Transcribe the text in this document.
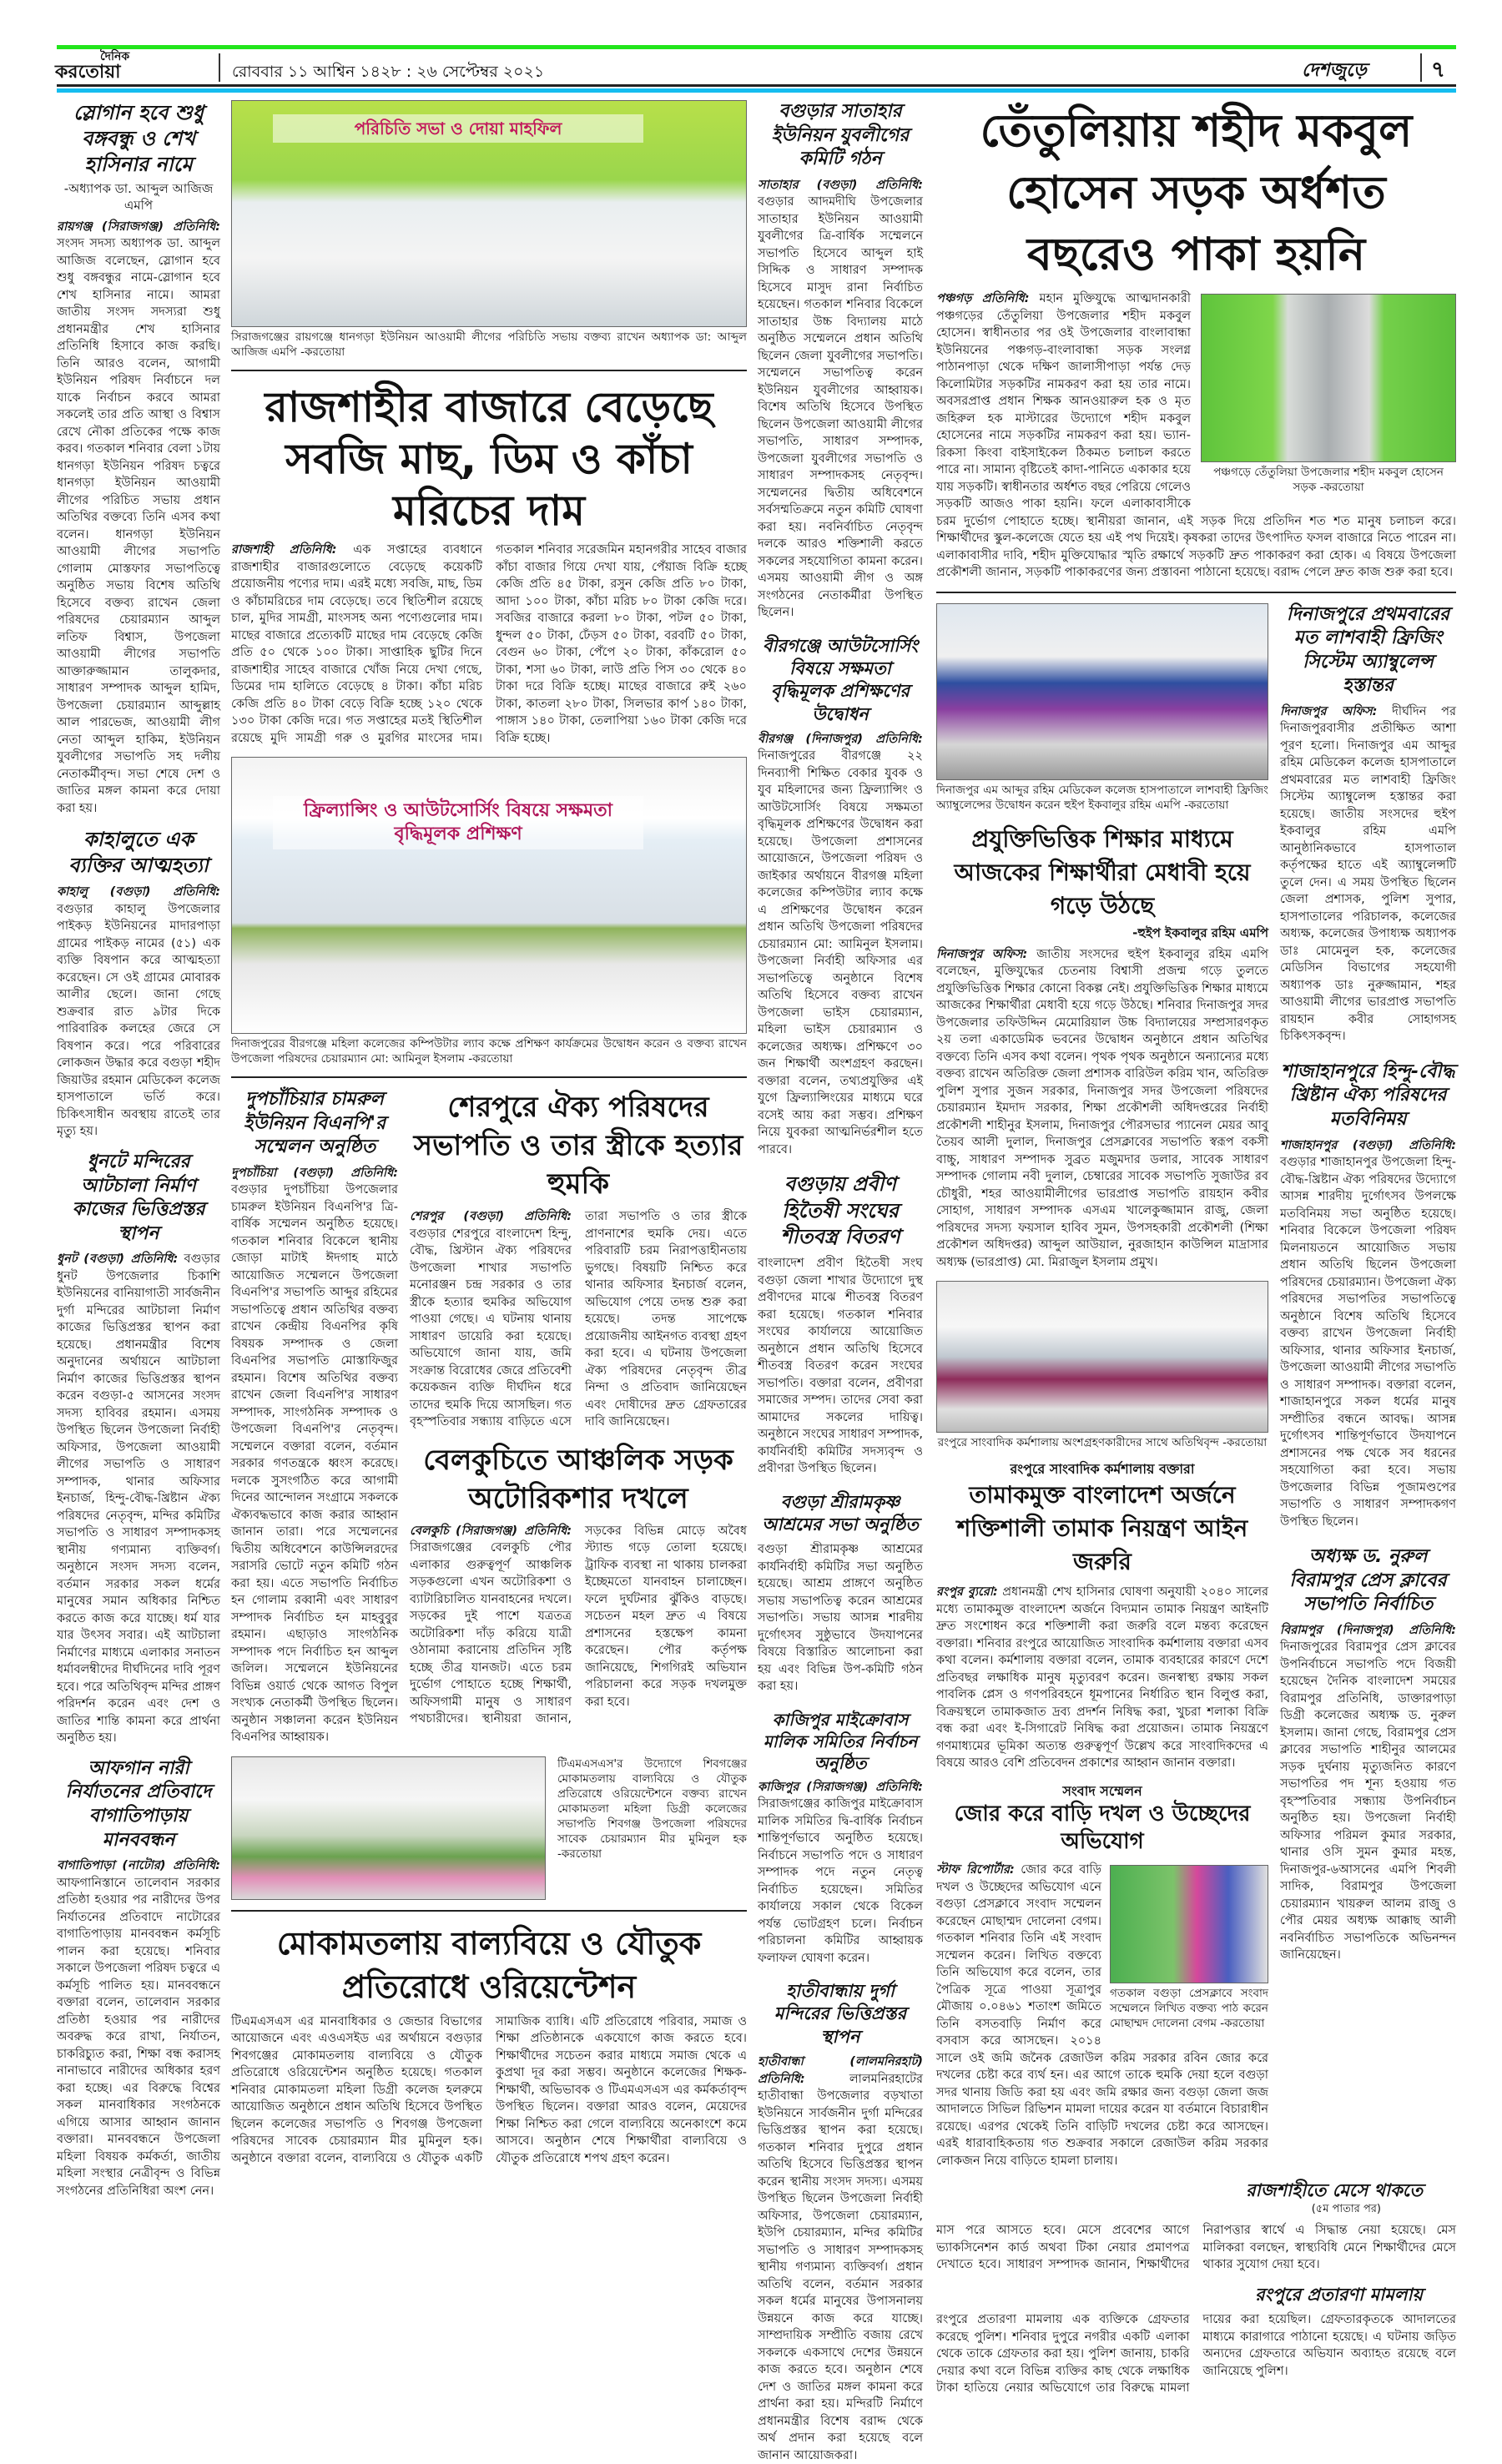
দৈনিক
করতোয়া	রোববার ১১ আশ্বিন ১৪২৮ : ২৬ সেপ্টেম্বর ২০২১	দেশজুড়ে	৭
স্লোগান হবে শুধু বঙ্গবন্ধু ও শেখ হাসিনার নামে
-অধ্যাপক ডা. আব্দুল আজিজ এমপি
রায়গঞ্জ (সিরাজগঞ্জ) প্রতিনিধি: সংসদ সদস্য অধ্যাপক ডা. আব্দুল আজিজ বলেছেন, স্লোগান হবে শুধু বঙ্গবন্ধুর নামে-স্লোগান হবে শেখ হাসিনার নামে। আমরা জাতীয় সংসদ সদস্যরা শুধু প্রধানমন্ত্রীর শেখ হাসিনার প্রতিনিধি হিসাবে কাজ করছি। তিনি আরও বলেন, আগামী ইউনিয়ন পরিষদ নির্বাচনে দল যাকে নির্বাচন করবে আমরা সকলেই তার প্রতি আস্থা ও বিশ্বাস রেখে নৌকা প্রতিকের পক্ষে কাজ করব। গতকাল শনিবার বেলা ১টায় ধানগড়া ইউনিয়ন পরিষদ চত্বরে ধানগড়া ইউনিয়ন আওয়ামী লীগের পরিচিত সভায় প্রধান অতিথির বক্তব্যে তিনি এসব কথা বলেন। ধানগড়া ইউনিয়ন আওয়ামী লীগের সভাপতি গোলাম মোস্তফার সভাপতিত্বে অনুষ্ঠিত সভায় বিশেষ অতিথি হিসেবে বক্তব্য রাখেন জেলা পরিষদের চেয়ারম্যান আব্দুল লতিফ বিশ্বাস, উপজেলা আওয়ামী লীগের সভাপতি আক্তারুজ্জামান তালুকদার, সাধারণ সম্পাদক আব্দুল হামিদ, উপজেলা চেয়ারম্যান আব্দুল্লাহ আল পারভেজ, আওয়ামী লীগ নেতা আব্দুল হাকিম, ইউনিয়ন যুবলীগের সভাপতি সহ দলীয় নেতাকর্মীবৃন্দ। সভা শেষে দেশ ও জাতির মঙ্গল কামনা করে দোয়া করা হয়।
কাহালুতে এক ব্যক্তির আত্মহত্যা
কাহালু (বগুড়া) প্রতিনিধি: বগুড়ার কাহালু উপজেলার পাইকড় ইউনিয়নের মাদারপাড়া গ্রামের পাইকড় নামের (৫১) এক ব্যক্তি বিষপান করে আত্মহত্যা করেছেন। সে ওই গ্রামের মোবারক আলীর ছেলে। জানা গেছে শুক্রবার রাত ৯টার দিকে পারিবারিক কলহের জেরে সে বিষপান করে। পরে পরিবারের লোকজন উদ্ধার করে বগুড়া শহীদ জিয়াউর রহমান মেডিকেল কলেজ হাসপাতালে ভর্তি করে। চিকিৎসাধীন অবস্থায় রাতেই তার মৃত্যু হয়।
ধুনটে মন্দিরের আটচালা নির্মাণ কাজের ভিত্তিপ্রস্তর স্থাপন
ধুনট (বগুড়া) প্রতিনিধি: বগুড়ার ধুনট উপজেলার চিকাশি ইউনিয়নের বানিয়াগাতী সার্বজনীন দুর্গা মন্দিরের আটচালা নির্মাণ কাজের ভিত্তিপ্রস্তর স্থাপন করা হয়েছে। প্রধানমন্ত্রীর বিশেষ অনুদানের অর্থায়নে আটচালা নির্মাণ কাজের ভিত্তিপ্রস্তর স্থাপন করেন বগুড়া-৫ আসনের সংসদ সদস্য হাবিবর রহমান। এসময় উপস্থিত ছিলেন উপজেলা নির্বাহী অফিসার, উপজেলা আওয়ামী লীগের সভাপতি ও সাধারণ সম্পাদক, থানার অফিসার ইনচার্জ, হিন্দু-বৌদ্ধ-খ্রিষ্টান ঐক্য পরিষদের নেতৃবৃন্দ, মন্দির কমিটির সভাপতি ও সাধারণ সম্পাদকসহ স্থানীয় গণ্যমান্য ব্যক্তিবর্গ। অনুষ্ঠানে সংসদ সদস্য বলেন, বর্তমান সরকার সকল ধর্মের মানুষের সমান অধিকার নিশ্চিত করতে কাজ করে যাচ্ছে। ধর্ম যার যার উৎসব সবার। এই আটচালা নির্মাণের মাধ্যমে এলাকার সনাতন ধর্মাবলম্বীদের দীর্ঘদিনের দাবি পূরণ হবে। পরে অতিথিবৃন্দ মন্দির প্রাঙ্গণ পরিদর্শন করেন এবং দেশ ও জাতির শান্তি কামনা করে প্রার্থনা অনুষ্ঠিত হয়।
আফগান নারী নির্যাতনের প্রতিবাদে বাগাতিপাড়ায় মানববন্ধন
বাগাতিপাড়া (নাটোর) প্রতিনিধি: আফগানিস্তানে তালেবান সরকার প্রতিষ্ঠা হওয়ার পর নারীদের উপর নির্যাতনের প্রতিবাদে নাটোরের বাগাতিপাড়ায় মানববন্ধন কর্মসূচি পালন করা হয়েছে। শনিবার সকালে উপজেলা পরিষদ চত্বরে এ কর্মসূচি পালিত হয়। মানববন্ধনে বক্তারা বলেন, তালেবান সরকার প্রতিষ্ঠা হওয়ার পর নারীদের অবরুদ্ধ করে রাখা, নির্যাতন, চাকরিচ্যুত করা, শিক্ষা বন্ধ করাসহ নানাভাবে নারীদের অধিকার হরণ করা হচ্ছে। এর বিরুদ্ধে বিশ্বের সকল মানবাধিকার সংগঠনকে এগিয়ে আসার আহ্বান জানান বক্তারা। মানববন্ধনে উপজেলা মহিলা বিষয়ক কর্মকর্তা, জাতীয় মহিলা সংস্থার নেত্রীবৃন্দ ও বিভিন্ন সংগঠনের প্রতিনিধিরা অংশ নেন।
পরিচিতি সভা ও দোয়া মাহফিল
সিরাজগঞ্জের রায়গঞ্জে ধানগড়া ইউনিয়ন আওয়ামী লীগের পরিচিতি সভায় বক্তব্য রাখেন অধ্যাপক ডা: আব্দুল আজিজ এমপি -করতোয়া
রাজশাহীর বাজারে বেড়েছে সবজি মাছ, ডিম ও কাঁচা মরিচের দাম
রাজশাহী প্রতিনিধি: এক সপ্তাহের ব্যবধানে রাজশাহীর বাজারগুলোতে বেড়েছে কয়েকটি প্রয়োজনীয় পণ্যের দাম। এরই মধ্যে সবজি, মাছ, ডিম ও কাঁচামরিচের দাম বেড়েছে। তবে স্থিতিশীল রয়েছে চাল, মুদির সামগ্রী, মাংসসহ অন্য পণ্যেগুলোর দাম। মাছের বাজারে প্রত্যেকটি মাছের দাম বেড়েছে কেজি প্রতি ৫০ থেকে ১০০ টাকা। সাপ্তাহিক ছুটির দিনে রাজশাহীর সাহেব বাজারে খোঁজ নিয়ে দেখা গেছে, ডিমের দাম হালিতে বেড়েছে ৪ টাকা। কাঁচা মরিচ কেজি প্রতি ৪০ টাকা বেড়ে বিক্রি হচ্ছে ১২০ থেকে ১৩০ টাকা কেজি দরে। গত সপ্তাহের মতই স্থিতিশীল রয়েছে মুদি সামগ্রী গরু ও মুরগির মাংসের দাম। গতকাল শনিবার সরেজমিন মহানগরীর সাহেব বাজার কাঁচা বাজার গিয়ে দেখা যায়, পেঁয়াজ বিক্রি হচ্ছে কেজি প্রতি ৪৫ টাকা, রসুন কেজি প্রতি ৮০ টাকা, আদা ১০০ টাকা, কাঁচা মরিচ ৮০ টাকা কেজি দরে। সবজির বাজারে করলা ৮০ টাকা, পটল ৫০ টাকা, ধুন্দল ৫০ টাকা, ঢেঁড়স ৫০ টাকা, বরবটি ৫০ টাকা, বেগুন ৬০ টাকা, পেঁপে ২০ টাকা, কাঁকরোল ৫০ টাকা, শসা ৬০ টাকা, লাউ প্রতি পিস ৩০ থেকে ৪০ টাকা দরে বিক্রি হচ্ছে। মাছের বাজারে রুই ২৬০ টাকা, কাতলা ২৮০ টাকা, সিলভার কার্প ১৪০ টাকা, পাঙ্গাস ১৪০ টাকা, তেলাপিয়া ১৬০ টাকা কেজি দরে বিক্রি হচ্ছে।
ফ্রিল্যান্সিং ও আউটসোর্সিং বিষয়ে সক্ষমতা বৃদ্ধিমূলক প্রশিক্ষণ
দিনাজপুরের বীরগঞ্জে মহিলা কলেজের কম্পিউটার ল্যাব কক্ষে প্রশিক্ষণ কার্যক্রমের উদ্বোধন করেন ও বক্তব্য রাখেন উপজেলা পরিষদের চেয়ারম্যান মো: আমিনুল ইসলাম -করতোয়া
দুপচাঁচিয়ার চামরুল ইউনিয়ন বিএনপি'র সম্মেলন অনুষ্ঠিত
দুপচাঁচিয়া (বগুড়া) প্রতিনিধি: বগুড়ার দুপচাঁচিয়া উপজেলার চামরুল ইউনিয়ন বিএনপি'র ত্রি-বার্ষিক সম্মেলন অনুষ্ঠিত হয়েছে। গতকাল শনিবার বিকেলে স্থানীয় জোড়া মাটাই ঈদগাহ মাঠে আয়োজিত সম্মেলনে উপজেলা বিএনপি'র সভাপতি আব্দুর রহিমের সভাপতিত্বে প্রধান অতিথির বক্তব্য রাখেন কেন্দ্রীয় বিএনপির কৃষি বিষয়ক সম্পাদক ও জেলা বিএনপির সভাপতি মোস্তাফিজুর রহমান। বিশেষ অতিথির বক্তব্য রাখেন জেলা বিএনপি'র সাধারণ সম্পাদক, সাংগঠনিক সম্পাদক ও উপজেলা বিএনপি'র নেতৃবৃন্দ। সম্মেলনে বক্তারা বলেন, বর্তমান সরকার গণতন্ত্রকে ধ্বংস করেছে। দলকে সুসংগঠিত করে আগামী দিনের আন্দোলন সংগ্রামে সকলকে ঐক্যবদ্ধভাবে কাজ করার আহ্বান জানান তারা। পরে সম্মেলনের দ্বিতীয় অধিবেশনে কাউন্সিলরদের সরাসরি ভোটে নতুন কমিটি গঠন করা হয়। এতে সভাপতি নির্বাচিত হন গোলাম রব্বানী এবং সাধারণ সম্পাদক নির্বাচিত হন মাহবুবুর রহমান। এছাড়াও সাংগঠনিক সম্পাদক পদে নির্বাচিত হন আব্দুল জলিল। সম্মেলনে ইউনিয়নের বিভিন্ন ওয়ার্ড থেকে আগত বিপুল সংখ্যক নেতাকর্মী উপস্থিত ছিলেন। অনুষ্ঠান সঞ্চালনা করেন ইউনিয়ন বিএনপির আহ্বায়ক।
শেরপুরে ঐক্য পরিষদের সভাপতি ও তার স্ত্রীকে হত্যার হুমকি
শেরপুর (বগুড়া) প্রতিনিধি: বগুড়ার শেরপুরে বাংলাদেশ হিন্দু, বৌদ্ধ, খ্রিস্টান ঐক্য পরিষদের উপজেলা শাখার সভাপতি মনোরঞ্জন চন্দ্র সরকার ও তার স্ত্রীকে হত্যার হুমকির অভিযোগ পাওয়া গেছে। এ ঘটনায় থানায় সাধারণ ডায়েরি করা হয়েছে। অভিযোগে জানা যায়, জমি সংক্রান্ত বিরোধের জেরে প্রতিবেশী কয়েকজন ব্যক্তি দীর্ঘদিন ধরে তাদের হুমকি দিয়ে আসছিল। গত বৃহস্পতিবার সন্ধ্যায় বাড়িতে এসে তারা সভাপতি ও তার স্ত্রীকে প্রাণনাশের হুমকি দেয়। এতে পরিবারটি চরম নিরাপত্তাহীনতায় ভুগছে। বিষয়টি নিশ্চিত করে থানার অফিসার ইনচার্জ বলেন, অভিযোগ পেয়ে তদন্ত শুরু করা হয়েছে। তদন্ত সাপেক্ষে প্রয়োজনীয় আইনগত ব্যবস্থা গ্রহণ করা হবে। এ ঘটনায় উপজেলা ঐক্য পরিষদের নেতৃবৃন্দ তীব্র নিন্দা ও প্রতিবাদ জানিয়েছেন এবং দোষীদের দ্রুত গ্রেফতারের দাবি জানিয়েছেন।
বেলকুচিতে আঞ্চলিক সড়ক অটোরিকশার দখলে
বেলকুচি (সিরাজগঞ্জ) প্রতিনিধি: সিরাজগঞ্জের বেলকুচি পৌর এলাকার গুরুত্বপূর্ণ আঞ্চলিক সড়কগুলো এখন অটোরিকশা ও ব্যাটারিচালিত যানবাহনের দখলে। সড়কের দুই পাশে যত্রতত্র অটোরিকশা দাঁড় করিয়ে যাত্রী ওঠানামা করানোয় প্রতিদিন সৃষ্টি হচ্ছে তীব্র যানজট। এতে চরম দুর্ভোগ পোহাতে হচ্ছে শিক্ষার্থী, অফিসগামী মানুষ ও সাধারণ পথচারীদের। স্থানীয়রা জানান, সড়কের বিভিন্ন মোড়ে অবৈধ স্ট্যান্ড গড়ে তোলা হয়েছে। ট্রাফিক ব্যবস্থা না থাকায় চালকরা ইচ্ছেমতো যানবাহন চালাচ্ছেন। ফলে দুর্ঘটনার ঝুঁকিও বাড়ছে। সচেতন মহল দ্রুত এ বিষয়ে প্রশাসনের হস্তক্ষেপ কামনা করেছেন। পৌর কর্তৃপক্ষ জানিয়েছে, শিগগিরই অভিযান পরিচালনা করে সড়ক দখলমুক্ত করা হবে।
টিএমএসএস'র উদ্যোগে শিবগঞ্জের মোকামতলায় বাল্যবিয়ে ও যৌতুক প্রতিরোধে ওরিয়েন্টেশনে বক্তব্য রাখেন মোকামতলা মহিলা ডিগ্রী কলেজের সভাপতি শিবগঞ্জ উপজেলা পরিষদের সাবেক চেয়ারম্যান মীর মুমিনুল হক -করতোয়া
মোকামতলায় বাল্যবিয়ে ও যৌতুক প্রতিরোধে ওরিয়েন্টেশন
টিএমএসএস এর মানবাধিকার ও জেন্ডার বিভাগের আয়োজনে এবং এওএসইড এর অর্থায়নে বগুড়ার শিবগঞ্জের মোকামতলায় বাল্যবিয়ে ও যৌতুক প্রতিরোধে ওরিয়েন্টেশন অনুষ্ঠিত হয়েছে। গতকাল শনিবার মোকামতলা মহিলা ডিগ্রী কলেজ হলরুমে আয়োজিত অনুষ্ঠানে প্রধান অতিথি হিসেবে উপস্থিত ছিলেন কলেজের সভাপতি ও শিবগঞ্জ উপজেলা পরিষদের সাবেক চেয়ারম্যান মীর মুমিনুল হক। অনুষ্ঠানে বক্তারা বলেন, বাল্যবিয়ে ও যৌতুক একটি সামাজিক ব্যাধি। এটি প্রতিরোধে পরিবার, সমাজ ও শিক্ষা প্রতিষ্ঠানকে একযোগে কাজ করতে হবে। শিক্ষার্থীদের সচেতন করার মাধ্যমে সমাজ থেকে এ কুপ্রথা দূর করা সম্ভব। অনুষ্ঠানে কলেজের শিক্ষক-শিক্ষার্থী, অভিভাবক ও টিএমএসএস এর কর্মকর্তাবৃন্দ উপস্থিত ছিলেন। বক্তারা আরও বলেন, মেয়েদের শিক্ষা নিশ্চিত করা গেলে বাল্যবিয়ে অনেকাংশে কমে আসবে। অনুষ্ঠান শেষে শিক্ষার্থীরা বাল্যবিয়ে ও যৌতুক প্রতিরোধে শপথ গ্রহণ করেন।
বগুড়ার সাতাহার ইউনিয়ন যুবলীগের কমিটি গঠন
সাতাহার (বগুড়া) প্রতিনিধি: বগুড়ার আদমদীঘি উপজেলার সাতাহার ইউনিয়ন আওয়ামী যুবলীগের ত্রি-বার্ষিক সম্মেলনে সভাপতি হিসেবে আব্দুল হাই সিদ্দিক ও সাধারণ সম্পাদক হিসেবে মাসুদ রানা নির্বাচিত হয়েছেন। গতকাল শনিবার বিকেলে সাতাহার উচ্চ বিদ্যালয় মাঠে অনুষ্ঠিত সম্মেলনে প্রধান অতিথি ছিলেন জেলা যুবলীগের সভাপতি। সম্মেলনে সভাপতিত্ব করেন ইউনিয়ন যুবলীগের আহ্বায়ক। বিশেষ অতিথি হিসেবে উপস্থিত ছিলেন উপজেলা আওয়ামী লীগের সভাপতি, সাধারণ সম্পাদক, উপজেলা যুবলীগের সভাপতি ও সাধারণ সম্পাদকসহ নেতৃবৃন্দ। সম্মেলনের দ্বিতীয় অধিবেশনে সর্বসম্মতিক্রমে নতুন কমিটি ঘোষণা করা হয়। নবনির্বাচিত নেতৃবৃন্দ দলকে আরও শক্তিশালী করতে সকলের সহযোগিতা কামনা করেন। এসময় আওয়ামী লীগ ও অঙ্গ সংগঠনের নেতাকর্মীরা উপস্থিত ছিলেন।
বীরগঞ্জে আউটসোর্সিং বিষয়ে সক্ষমতা বৃদ্ধিমূলক প্রশিক্ষণের উদ্বোধন
বীরগঞ্জ (দিনাজপুর) প্রতিনিধি: দিনাজপুরের বীরগঞ্জে ২২ দিনব্যাপী শিক্ষিত বেকার যুবক ও যুব মহিলাদের জন্য ফ্রিল্যান্সিং ও আউটসোর্সিং বিষয়ে সক্ষমতা বৃদ্ধিমূলক প্রশিক্ষণের উদ্বোধন করা হয়েছে। উপজেলা প্রশাসনের আয়োজনে, উপজেলা পরিষদ ও জাইকার অর্থায়নে বীরগঞ্জ মহিলা কলেজের কম্পিউটার ল্যাব কক্ষে এ প্রশিক্ষণের উদ্বোধন করেন প্রধান অতিথি উপজেলা পরিষদের চেয়ারম্যান মো: আমিনুল ইসলাম। উপজেলা নির্বাহী অফিসার এর সভাপতিত্বে অনুষ্ঠানে বিশেষ অতিথি হিসেবে বক্তব্য রাখেন উপজেলা ভাইস চেয়ারম্যান, মহিলা ভাইস চেয়ারম্যান ও কলেজের অধ্যক্ষ। প্রশিক্ষণে ৩০ জন শিক্ষার্থী অংশগ্রহণ করছেন। বক্তারা বলেন, তথ্যপ্রযুক্তির এই যুগে ফ্রিল্যান্সিংয়ের মাধ্যমে ঘরে বসেই আয় করা সম্ভব। প্রশিক্ষণ নিয়ে যুবকরা আত্মনির্ভরশীল হতে পারবে।
বগুড়ায় প্রবীণ হিতৈষী সংঘের শীতবস্ত্র বিতরণ
বাংলাদেশ প্রবীণ হিতৈষী সংঘ বগুড়া জেলা শাখার উদ্যোগে দুস্থ প্রবীণদের মাঝে শীতবস্ত্র বিতরণ করা হয়েছে। গতকাল শনিবার সংঘের কার্যালয়ে আয়োজিত অনুষ্ঠানে প্রধান অতিথি হিসেবে শীতবস্ত্র বিতরণ করেন সংঘের সভাপতি। বক্তারা বলেন, প্রবীণরা সমাজের সম্পদ। তাদের সেবা করা আমাদের সকলের দায়িত্ব। অনুষ্ঠানে সংঘের সাধারণ সম্পাদক, কার্যনির্বাহী কমিটির সদস্যবৃন্দ ও প্রবীণরা উপস্থিত ছিলেন।
বগুড়া শ্রীরামকৃষ্ণ আশ্রমের সভা অনুষ্ঠিত
বগুড়া শ্রীরামকৃষ্ণ আশ্রমের কার্যনির্বাহী কমিটির সভা অনুষ্ঠিত হয়েছে। আশ্রম প্রাঙ্গণে অনুষ্ঠিত সভায় সভাপতিত্ব করেন আশ্রমের সভাপতি। সভায় আসন্ন শারদীয় দুর্গোৎসব সুষ্ঠুভাবে উদযাপনের বিষয়ে বিস্তারিত আলোচনা করা হয় এবং বিভিন্ন উপ-কমিটি গঠন করা হয়।
কাজিপুর মাইক্রোবাস মালিক সমিতির নির্বাচন অনুষ্ঠিত
কাজিপুর (সিরাজগঞ্জ) প্রতিনিধি: সিরাজগঞ্জের কাজিপুর মাইক্রোবাস মালিক সমিতির দ্বি-বার্ষিক নির্বাচন শান্তিপূর্ণভাবে অনুষ্ঠিত হয়েছে। নির্বাচনে সভাপতি পদে ও সাধারণ সম্পাদক পদে নতুন নেতৃত্ব নির্বাচিত হয়েছেন। সমিতির কার্যালয়ে সকাল থেকে বিকেল পর্যন্ত ভোটগ্রহণ চলে। নির্বাচন পরিচালনা কমিটির আহ্বায়ক ফলাফল ঘোষণা করেন।
হাতীবান্ধায় দুর্গা মন্দিরের ভিত্তিপ্রস্তর স্থাপন
হাতীবান্ধা (লালমনিরহাট) প্রতিনিধি:	লালমনিরহাটের হাতীবান্ধা উপজেলার বড়খাতা ইউনিয়নে সার্বজনীন দুর্গা মন্দিরের ভিত্তিপ্রস্তর স্থাপন করা হয়েছে। গতকাল শনিবার দুপুরে প্রধান অতিথি হিসেবে ভিত্তিপ্রস্তর স্থাপন করেন স্থানীয় সংসদ সদস্য। এসময় উপস্থিত ছিলেন উপজেলা নির্বাহী অফিসার, উপজেলা চেয়ারম্যান, ইউপি চেয়ারম্যান, মন্দির কমিটির সভাপতি ও সাধারণ সম্পাদকসহ স্থানীয় গণ্যমান্য ব্যক্তিবর্গ। প্রধান অতিথি বলেন, বর্তমান সরকার সকল ধর্মের মানুষের উপাসনালয় উন্নয়নে কাজ করে যাচ্ছে। সাম্প্রদায়িক সম্প্রীতি বজায় রেখে সকলকে একসাথে দেশের উন্নয়নে কাজ করতে হবে। অনুষ্ঠান শেষে দেশ ও জাতির মঙ্গল কামনা করে প্রার্থনা করা হয়। মন্দিরটি নির্মাণে প্রধানমন্ত্রীর বিশেষ বরাদ্দ থেকে অর্থ প্রদান করা হয়েছে বলে জানান আয়োজকরা।
তেঁতুলিয়ায় শহীদ মকবুল হোসেন সড়ক অর্ধশত বছরেও পাকা হয়নি
পঞ্চগড়ে তেঁতুলিয়া উপজেলার শহীদ মকবুল হোসেন সড়ক -করতোয়া
পঞ্চগড় প্রতিনিধি: মহান মুক্তিযুদ্ধে আত্মদানকারী পঞ্চগড়ের তেঁতুলিয়া উপজেলার শহীদ মকবুল হোসেন। স্বাধীনতার পর ওই উপজেলার বাংলাবান্ধা ইউনিয়নের পঞ্চগড়-বাংলাবান্ধা সড়ক সংলগ্ন পাঠানপাড়া থেকে দক্ষিণ জালাসীপাড়া পর্যন্ত দেড় কিলোমিটার সড়কটির নামকরণ করা হয় তার নামে। অবসরপ্রাপ্ত প্রধান শিক্ষক আনওয়ারুল হক ও মৃত জহিরুল হক মাস্টারের উদ্যোগে শহীদ মকবুল হোসেনের নামে সড়কটির নামকরণ করা হয়। ভ্যান-রিকসা কিংবা বাইসাইকেল ঠিকমত চলাচল করতে পারে না। সামান্য বৃষ্টিতেই কাদা-পানিতে একাকার হয়ে যায় সড়কটি। স্বাধীনতার অর্ধশত বছর পেরিয়ে গেলেও সড়কটি আজও পাকা হয়নি। ফলে এলাকাবাসীকে চরম দুর্ভোগ পোহাতে হচ্ছে। স্থানীয়রা জানান, এই সড়ক দিয়ে প্রতিদিন শত শত মানুষ চলাচল করে। শিক্ষার্থীদের স্কুল-কলেজে যেতে হয় এই পথ দিয়েই। কৃষকরা তাদের উৎপাদিত ফসল বাজারে নিতে পারেন না। এলাকাবাসীর দাবি, শহীদ মুক্তিযোদ্ধার স্মৃতি রক্ষার্থে সড়কটি দ্রুত পাকাকরণ করা হোক। এ বিষয়ে উপজেলা প্রকৌশলী জানান, সড়কটি পাকাকরণের জন্য প্রস্তাবনা পাঠানো হয়েছে। বরাদ্দ পেলে দ্রুত কাজ শুরু করা হবে।
দিনাজপুর এম আব্দুর রহিম মেডিকেল কলেজ হাসপাতালে লাশবাহী ফ্রিজিং অ্যাম্বুলেন্সের উদ্বোধন করেন হুইপ ইকবালুর রহিম এমপি -করতোয়া
প্রযুক্তিভিত্তিক শিক্ষার মাধ্যমে আজকের শিক্ষার্থীরা মেধাবী হয়ে গড়ে উঠছে
-হুইপ ইকবালুর রহিম এমপি
দিনাজপুর অফিস: জাতীয় সংসদের হুইপ ইকবালুর রহিম এমপি বলেছেন, মুক্তিযুদ্ধের চেতনায় বিশ্বাসী প্রজন্ম গড়ে তুলতে প্রযুক্তিভিত্তিক শিক্ষার কোনো বিকল্প নেই। প্রযুক্তিভিত্তিক শিক্ষার মাধ্যমে আজকের শিক্ষার্থীরা মেধাবী হয়ে গড়ে উঠছে। শনিবার দিনাজপুর সদর উপজেলার তফিউদ্দিন মেমোরিয়াল উচ্চ বিদ্যালয়ের সম্প্রসারণকৃত ২য় তলা একাডেমিক ভবনের উদ্বোধন অনুষ্ঠানে প্রধান অতিথির বক্তব্যে তিনি এসব কথা বলেন। পৃথক পৃথক অনুষ্ঠানে অন্যান্যের মধ্যে বক্তব্য রাখেন অতিরিক্ত জেলা প্রশাসক বারিউল করিম খান, অতিরিক্ত পুলিশ সুপার সুজন সরকার, দিনাজপুর সদর উপজেলা পরিষদের চেয়ারম্যান ইমদাদ সরকার, শিক্ষা প্রকৌশলী অধিদপ্তরের নির্বাহী প্রকৌশলী শাহীনুর ইসলাম, দিনাজপুর পৌরসভার প্যানেল মেয়র আবু তৈয়ব আলী দুলাল, দিনাজপুর প্রেসক্লাবের সভাপতি স্বরূপ বকসী বাচ্চু, সাধারণ সম্পাদক সুব্রত মজুমদার ডলার, সাবেক সাধারণ সম্পাদক গোলাম নবী দুলাল, চেম্বারের সাবেক সভাপতি সুজাউর রব চৌধুরী, শহর আওয়ামীলীগের ভারপ্রাপ্ত সভাপতি রায়হান কবীর সোহাগ, সাধারণ সম্পাদক এসএম খালেকুজ্জামান রাজু, জেলা পরিষদের সদস্য ফয়সাল হাবিব সুমন, উপসহকারী প্রকৌশলী (শিক্ষা প্রকৌশল অধিদপ্তর) আব্দুল আউয়াল, নুরজাহান কাউন্সিল মাদ্রাসার অধ্যক্ষ (ভারপ্রাপ্ত) মো. মিরাজুল ইসলাম প্রমুখ।
রংপুরে সাংবাদিক কর্মশালায় অংশগ্রহণকারীদের সাথে অতিথিবৃন্দ -করতোয়া
রংপুরে সাংবাদিক কর্মশালায় বক্তারা
তামাকমুক্ত বাংলাদেশ অর্জনে শক্তিশালী তামাক নিয়ন্ত্রণ আইন জরুরি
রংপুর ব্যুরো: প্রধানমন্ত্রী শেখ হাসিনার ঘোষণা অনুযায়ী ২০৪০ সালের মধ্যে তামাকমুক্ত বাংলাদেশ অর্জনে বিদ্যমান তামাক নিয়ন্ত্রণ আইনটি দ্রুত সংশোধন করে শক্তিশালী করা জরুরি বলে মন্তব্য করেছেন বক্তারা। শনিবার রংপুরে আয়োজিত সাংবাদিক কর্মশালায় বক্তারা এসব কথা বলেন। কর্মশালায় বক্তারা বলেন, তামাক ব্যবহারের কারণে দেশে প্রতিবছর লক্ষাধিক মানুষ মৃত্যুবরণ করেন। জনস্বাস্থ্য রক্ষায় সকল পাবলিক প্লেস ও গণপরিবহনে ধূমপানের নির্ধারিত স্থান বিলুপ্ত করা, বিক্রয়স্থলে তামাকজাত দ্রব্য প্রদর্শন নিষিদ্ধ করা, খুচরা শলাকা বিক্রি বন্ধ করা এবং ই-সিগারেট নিষিদ্ধ করা প্রয়োজন। তামাক নিয়ন্ত্রণে গণমাধ্যমের ভূমিকা অত্যন্ত গুরুত্বপূর্ণ উল্লেখ করে সাংবাদিকদের এ বিষয়ে আরও বেশি প্রতিবেদন প্রকাশের আহ্বান জানান বক্তারা।
সংবাদ সম্মেলন
জোর করে বাড়ি দখল ও উচ্ছেদের অভিযোগ
গতকাল বগুড়া প্রেসক্লাবে সংবাদ সম্মেলনে লিখিত বক্তব্য পাঠ করেন মোছাম্মদ দোলেনা বেগম -করতোয়া
স্টাফ রিপোর্টার: জোর করে বাড়ি দখল ও উচ্ছেদের অভিযোগ এনে বগুড়া প্রেসক্লাবে সংবাদ সম্মেলন করেছেন মোছাম্মদ দোলেনা বেগম। গতকাল শনিবার তিনি এই সংবাদ সম্মেলন করেন। লিখিত বক্তব্যে তিনি অভিযোগ করে বলেন, তার পৈত্রিক সূত্রে পাওয়া সূত্রাপুর মৌজায় ০.০৪৬১ শতাংশ জমিতে তিনি বসতবাড়ি নির্মাণ করে বসবাস করে আসছেন। ২০১৪ সালে ওই জমি জনৈক রেজাউল করিম সরকার রবিন জোর করে দখলের চেষ্টা করে ব্যর্থ হন। এর আগে তাকে হুমকি দেয়া হলে বগুড়া সদর থানায় জিডি করা হয় এবং জমি রক্ষার জন্য বগুড়া জেলা জজ আদালতে সিভিল রিভিশন মামলা দায়ের করেন যা বর্তমানে বিচারাধীন রয়েছে। এরপর থেকেই তিনি বাড়িটি দখলের চেষ্টা করে আসছেন। এরই ধারাবাহিকতায় গত শুক্রবার সকালে রেজাউল করিম সরকার লোকজন নিয়ে বাড়িতে হামলা চালায়।
দিনাজপুরে প্রথমবারের মত লাশবাহী ফ্রিজিং সিস্টেম অ্যাম্বুলেন্স হস্তান্তর
দিনাজপুর অফিস: দীর্ঘদিন পর দিনাজপুরবাসীর প্রতীক্ষিত আশা পূরণ হলো। দিনাজপুর এম আব্দুর রহিম মেডিকেল কলেজ হাসপাতালে প্রথমবারের মত লাশবাহী ফ্রিজিং সিস্টেম অ্যাম্বুলেন্স হস্তান্তর করা হয়েছে। জাতীয় সংসদের হুইপ ইকবালুর রহিম এমপি আনুষ্ঠানিকভাবে হাসপাতাল কর্তৃপক্ষের হাতে এই অ্যাম্বুলেন্সটি তুলে দেন। এ সময় উপস্থিত ছিলেন জেলা প্রশাসক, পুলিশ সুপার, হাসপাতালের পরিচালক, কলেজের অধ্যক্ষ, কলেজের উপাধ্যক্ষ অধ্যাপক ডাঃ মোমেনুল হক, কলেজের মেডিসিন বিভাগের সহযোগী অধ্যাপক ডাঃ নুরুজ্জামান, শহর আওয়ামী লীগের ভারপ্রাপ্ত সভাপতি রায়হান কবীর সোহাগসহ চিকিৎসকবৃন্দ।
শাজাহানপুরে হিন্দু-বৌদ্ধ খ্রিষ্টান ঐক্য পরিষদের মতবিনিময়
শাজাহানপুর (বগুড়া) প্রতিনিধি: বগুড়ার শাজাহানপুর উপজেলা হিন্দু-বৌদ্ধ-খ্রিষ্টান ঐক্য পরিষদের উদ্যোগে আসন্ন শারদীয় দুর্গোৎসব উপলক্ষে মতবিনিময় সভা অনুষ্ঠিত হয়েছে। শনিবার বিকেলে উপজেলা পরিষদ মিলনায়তনে আয়োজিত সভায় প্রধান অতিথি ছিলেন উপজেলা পরিষদের চেয়ারম্যান। উপজেলা ঐক্য পরিষদের সভাপতির সভাপতিত্বে অনুষ্ঠানে বিশেষ অতিথি হিসেবে বক্তব্য রাখেন উপজেলা নির্বাহী অফিসার, থানার অফিসার ইনচার্জ, উপজেলা আওয়ামী লীগের সভাপতি ও সাধারণ সম্পাদক। বক্তারা বলেন, শাজাহানপুরে সকল ধর্মের মানুষ সম্প্রীতির বন্ধনে আবদ্ধ। আসন্ন দুর্গোৎসব শান্তিপূর্ণভাবে উদযাপনে প্রশাসনের পক্ষ থেকে সব ধরনের সহযোগিতা করা হবে। সভায় উপজেলার বিভিন্ন পূজামণ্ডপের সভাপতি ও সাধারণ সম্পাদকগণ উপস্থিত ছিলেন।
অধ্যক্ষ ড. নুরুল বিরামপুর প্রেস ক্লাবের সভাপতি নির্বাচিত
বিরামপুর (দিনাজপুর) প্রতিনিধি: দিনাজপুরের বিরামপুর প্রেস ক্লাবের উপনির্বাচনে সভাপতি পদে বিজয়ী হয়েছেন দৈনিক বাংলাদেশ সময়ের বিরামপুর প্রতিনিধি, ডাক্তারপাড়া ডিগ্রী কলেজের অধ্যক্ষ ড. নুরুল ইসলাম। জানা গেছে, বিরামপুর প্রেস ক্লাবের সভাপতি শাহীনুর আলমের সড়ক দুর্ঘনায় মৃত্যুজনিত কারণে সভাপতির পদ শূন্য হওয়ায় গত বৃহস্পতিবার সন্ধ্যায় উপনির্বাচন অনুষ্ঠিত হয়। উপজেলা নির্বাহী অফিসার পরিমল কুমার সরকার, থানার ওসি সুমন কুমার মহন্ত, দিনাজপুর-৬আসনের এমপি শিবলী সাদিক, বিরামপুর উপজেলা চেয়ারম্যান খায়রুল আলম রাজু ও পৌর মেয়র অধ্যক্ষ আক্কাছ আলী নবনির্বাচিত সভাপতিকে অভিনন্দন জানিয়েছেন।
রাজশাহীতে মেসে থাকতে
(৫ম পাতার পর)
মাস পরে আসতে হবে। মেসে প্রবেশের আগে ভ্যাকসিনেশন কার্ড অথবা টিকা নেয়ার প্রমাণপত্র দেখাতে হবে। সাধারণ সম্পাদক জানান, শিক্ষার্থীদের নিরাপত্তার স্বার্থে এ সিদ্ধান্ত নেয়া হয়েছে। মেস মালিকরা বলছেন, স্বাস্থ্যবিধি মেনে শিক্ষার্থীদের মেসে থাকার সুযোগ দেয়া হবে।
রংপুরে প্রতারণা মামলায়
রংপুরে প্রতারণা মামলায় এক ব্যক্তিকে গ্রেফতার করেছে পুলিশ। শনিবার দুপুরে নগরীর একটি এলাকা থেকে তাকে গ্রেফতার করা হয়। পুলিশ জানায়, চাকরি দেয়ার কথা বলে বিভিন্ন ব্যক্তির কাছ থেকে লক্ষাধিক টাকা হাতিয়ে নেয়ার অভিযোগে তার বিরুদ্ধে মামলা দায়ের করা হয়েছিল। গ্রেফতারকৃতকে আদালতের মাধ্যমে কারাগারে পাঠানো হয়েছে। এ ঘটনায় জড়িত অন্যদের গ্রেফতারে অভিযান অব্যাহত রয়েছে বলে জানিয়েছে পুলিশ।
